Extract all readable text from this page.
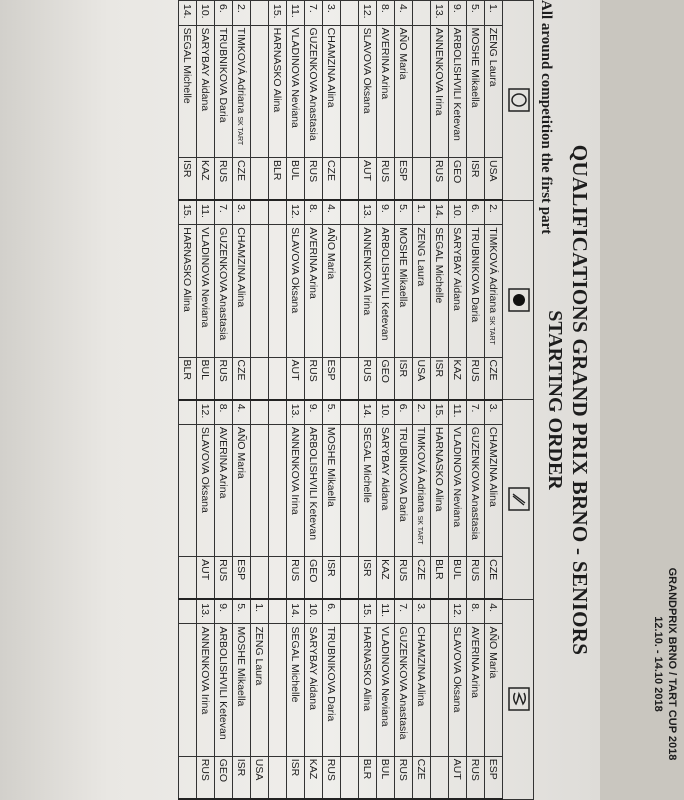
GRANDPRIX BRNO / TART CUP 2018
12.10. - 14.10 2018
QUALIFICATIONS GRAND PRIX BRNO - SENIORS
STARTING ORDER
All around competition the first part

1.	ZENG Laura	USA	2.	TIMKOVÁ Adriana SK TART	CZE	3.	CHAMZINA Alina	CZE	4.	AÑO Maria	ESP
5.	MOSHE Mikaella	ISR	6.	TRUBNIKOVA Daria	RUS	7.	GUZENKOVA Anastasia	RUS	8.	AVERINA Arina	RUS
9.	ARBOLISHVILI Ketevan	GEO	10.	SARYBAY Aidana	KAZ	11.	VLADINOVA Neviana	BUL	12.	SLAVOVA Oksana	AUT
13.	ANNENKOVA Irina	RUS	14.	SEGAL Michelle	ISR	15.	HARNASKO Alina	BLR			
			1.	ZENG Laura	USA	2.	TIMKOVÁ Adriana SK TART	CZE	3.	CHAMZINA Alina	CZE
4.	AÑO Maria	ESP	5.	MOSHE Mikaella	ISR	6.	TRUBNIKOVA Daria	RUS	7.	GUZENKOVA Anastasia	RUS
8.	AVERINA Arina	RUS	9.	ARBOLISHVILI Ketevan	GEO	10.	SARYBAY Aidana	KAZ	11.	VLADINOVA Neviana	BUL
12.	SLAVOVA Oksana	AUT	13.	ANNENKOVA Irina	RUS	14.	SEGAL Michelle	ISR	15.	HARNASKO Alina	BLR

3.	CHAMZINA Alina	CZE	4.	AÑO Maria	ESP	5.	MOSHE Mikaella	ISR	6.	TRUBNIKOVA Daria	RUS
7.	GUZENKOVA Anastasia	RUS	8.	AVERINA Arina	RUS	9.	ARBOLISHVILI Ketevan	GEO	10.	SARYBAY Aidana	KAZ
11.	VLADINOVA Neviana	BUL	12.	SLAVOVA Oksana	AUT	13.	ANNENKOVA Irina	RUS	14.	SEGAL Michelle	ISR
15.	HARNASKO Alina	BLR									
									1.	ZENG Laura	USA
2.	TIMKOVÁ Adriana SK TART	CZE	3.	CHAMZINA Alina	CZE	4.	AÑO Maria	ESP	5.	MOSHE Mikaella	ISR
6.	TRUBNIKOVA Daria	RUS	7.	GUZENKOVA Anastasia	RUS	8.	AVERINA Arina	RUS	9.	ARBOLISHVILI Ketevan	GEO
10.	SARYBAY Aidana	KAZ	11.	VLADINOVA Neviana	BUL	12.	SLAVOVA Oksana	AUT	13.	ANNENKOVA Irina	RUS
14.	SEGAL Michelle	ISR	15.	HARNASKO Alina	BLR						
